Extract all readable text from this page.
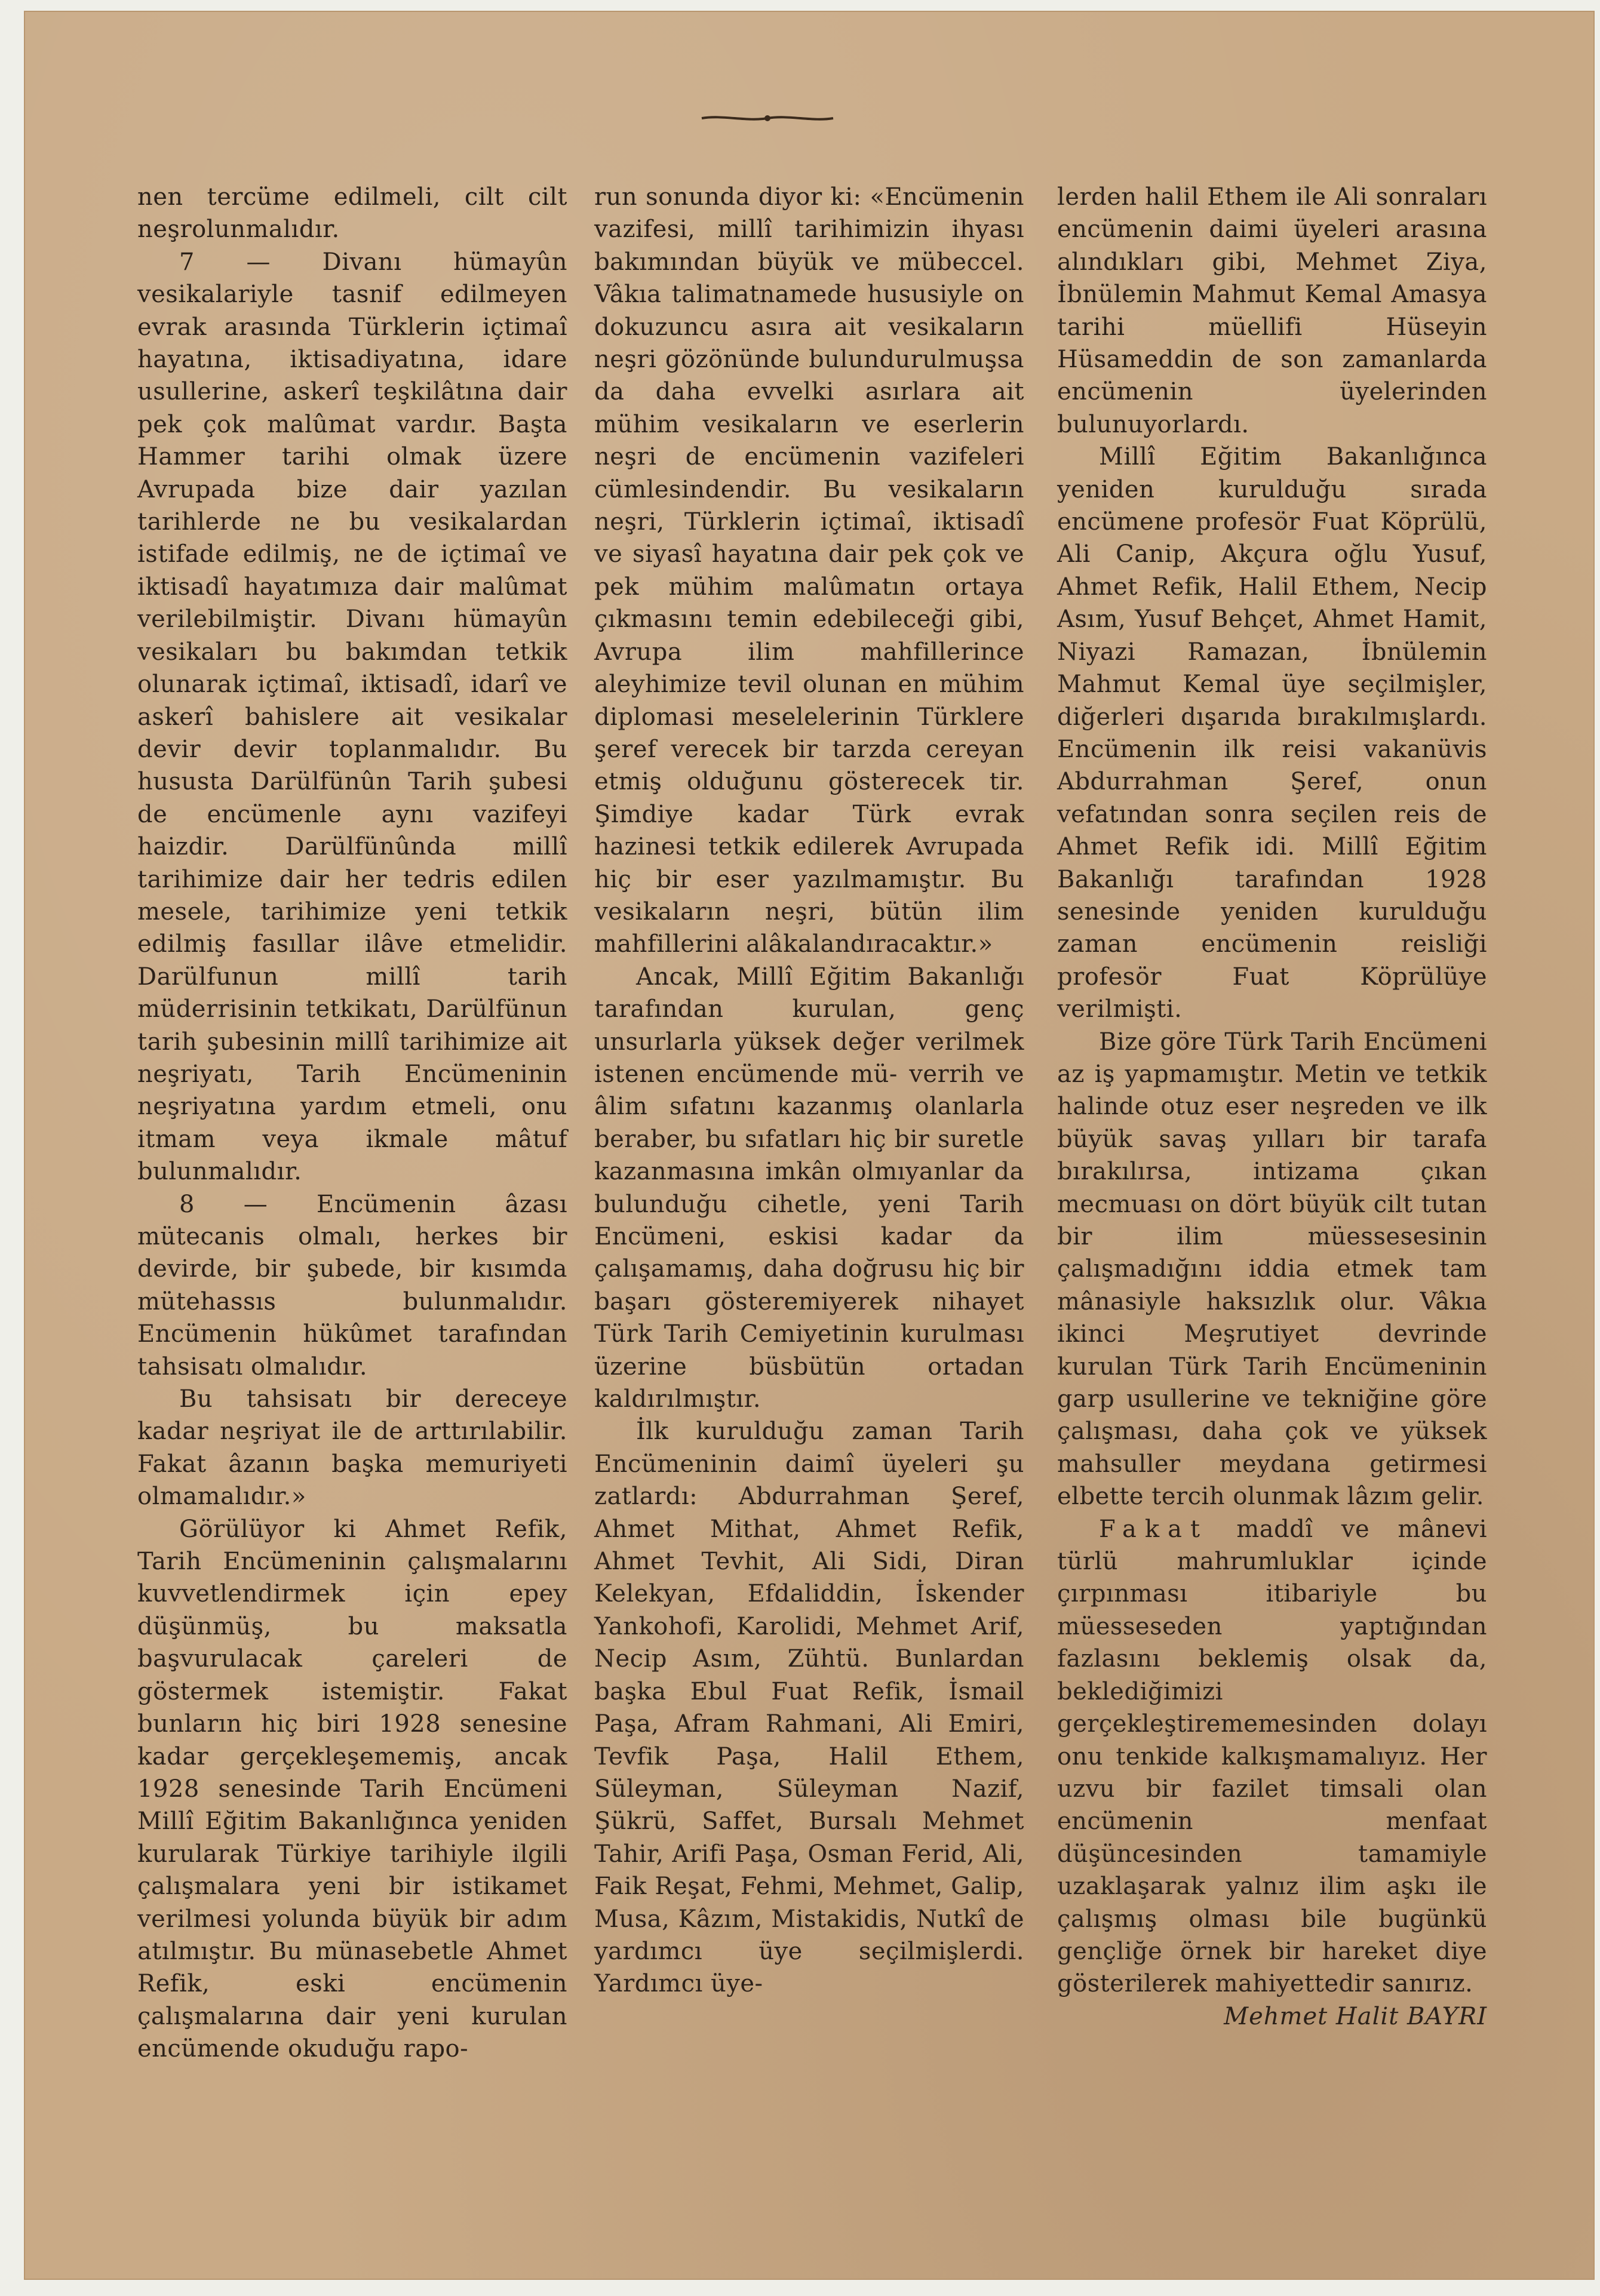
nen tercüme edilmeli, cilt cilt neşrolunmalıdır.

7 — Divanı hümayûn vesikalariyle tasnif edilmeyen evrak arasında Türklerin içtimaî hayatına, iktisadiyatına, idare usullerine, askerî teşkilâtına dair pek çok malûmat vardır. Başta Hammer tarihi olmak üzere Avrupada bize dair yazılan tarihlerde ne bu vesikalardan istifade edilmiş, ne de içtimaî ve iktisadî hayatımıza dair malûmat verilebilmiştir. Divanı hümayûn vesikaları bu bakımdan tetkik olunarak içtimaî, iktisadî, idarî ve askerî bahislere ait vesikalar devir devir toplanmalıdır. Bu hususta Darülfünûn Tarih şubesi de encümenle aynı vazifeyi haizdir. Darülfünûnda millî tarihimize dair her tedris edilen mesele, tarihimize yeni tetkik edilmiş fasıllar ilâve etmelidir. Darülfunun millî tarih müderrisinin tetkikatı, Darülfünun tarih şubesinin millî tarihimize ait neşriyatı, Tarih Encümeninin neşriyatına yardım etmeli, onu itmam veya ikmale mâtuf bulunmalıdır.

8 — Encümenin âzası mütecanis olmalı, herkes bir devirde, bir şubede, bir kısımda mütehassıs bulunmalıdır. Encümenin hükûmet tarafından tahsisatı olmalıdır.

Bu tahsisatı bir dereceye kadar neşriyat ile de arttırılabilir. Fakat âzanın başka memuriyeti olmamalıdır.»

Görülüyor ki Ahmet Refik, Tarih Encümeninin çalışmalarını kuvvetlendirmek için epey düşünmüş, bu maksatla başvurulacak çareleri de göstermek istemiştir. Fakat bunların hiç biri 1928 senesine kadar gerçekleşememiş, ancak 1928 senesinde Tarih Encümeni Millî Eğitim Bakanlığınca yeniden kurularak Türkiye tarihiyle ilgili çalışmalara yeni bir istikamet verilmesi yolunda büyük bir adım atılmıştır. Bu münasebetle Ahmet Refik, eski encümenin çalışmalarına dair yeni kurulan encümende okuduğu rapo-

run sonunda diyor ki: «Encümenin vazifesi, millî tarihimizin ihyası bakımından büyük ve mübeccel. Vâkıa talimatnamede hususiyle on dokuzuncu asıra ait vesikaların neşri gözönünde bulundurulmuşsa da daha evvelki asırlara ait mühim vesikaların ve eserlerin neşri de encümenin vazifeleri cümlesindendir. Bu vesikaların neşri, Türklerin içtimaî, iktisadî ve siyasî hayatına dair pek çok ve pek mühim malûmatın ortaya çıkmasını temin edebileceği gibi, Avrupa ilim mahfillerince aleyhimize tevil olunan en mühim diplomasi meselelerinin Türklere şeref verecek bir tarzda cereyan etmiş olduğunu gösterecek tir. Şimdiye kadar Türk evrak hazinesi tetkik edilerek Avrupada hiç bir eser yazılmamıştır. Bu vesikaların neşri, bütün ilim mahfillerini alâkalandıracaktır.»

Ancak, Millî Eğitim Bakanlığı tarafından kurulan, genç unsurlarla yüksek değer verilmek istenen encümende mü- verrih ve âlim sıfatını kazanmış olanlarla beraber, bu sıfatları hiç bir suretle kazanmasına imkân olmıyanlar da bulunduğu cihetle, yeni Tarih Encümeni, eskisi kadar da çalışamamış, daha doğrusu hiç bir başarı gösteremiyerek nihayet Türk Tarih Cemiyetinin kurulması üzerine büsbütün ortadan kaldırılmıştır.

İlk kurulduğu zaman Tarih Encümeninin daimî üyeleri şu zatlardı: Abdurrahman Şeref, Ahmet Mithat, Ahmet Refik, Ahmet Tevhit, Ali Sidi, Diran Kelekyan, Efdaliddin, İskender Yankohofi, Karolidi, Mehmet Arif, Necip Asım, Zühtü. Bunlardan başka Ebul Fuat Refik, İsmail Paşa, Afram Rahmani, Ali Emiri, Tevfik Paşa, Halil Ethem, Süleyman, Süleyman Nazif, Şükrü, Saffet, Bursalı Mehmet Tahir, Arifi Paşa, Osman Ferid, Ali, Faik Reşat, Fehmi, Mehmet, Galip, Musa, Kâzım, Mistakidis, Nutkî de yardımcı üye seçilmişlerdi. Yardımcı üye-

lerden halil Ethem ile Ali sonraları encümenin daimi üyeleri arasına alındıkları gibi, Mehmet Ziya, İbnülemin Mahmut Kemal Amasya tarihi müellifi Hüseyin Hüsameddin de son zamanlarda encümenin üyelerinden bulunuyorlardı.

Millî Eğitim Bakanlığınca yeniden kurulduğu sırada encümene profesör Fuat Köprülü, Ali Canip, Akçura oğlu Yusuf, Ahmet Refik, Halil Ethem, Necip Asım, Yusuf Behçet, Ahmet Hamit, Niyazi Ramazan, İbnülemin Mahmut Kemal üye seçilmişler, diğerleri dışarıda bırakılmışlardı. Encümenin ilk reisi vakanüvis Abdurrahman Şeref, onun vefatından sonra seçilen reis de Ahmet Refik idi. Millî Eğitim Bakanlığı tarafından 1928 senesinde yeniden kurulduğu zaman encümenin reisliği profesör Fuat Köprülüye verilmişti.

Bize göre Türk Tarih Encümeni az iş yapmamıştır. Metin ve tetkik halinde otuz eser neşreden ve ilk büyük savaş yılları bir tarafa bırakılırsa, intizama çıkan mecmuası on dört büyük cilt tutan bir ilim müessesesinin çalışmadığını iddia etmek tam mânasiyle haksızlık olur. Vâkıa ikinci Meşrutiyet devrinde kurulan Türk Tarih Encümeninin garp usullerine ve tekniğine göre çalışması, daha çok ve yüksek mahsuller meydana getirmesi elbette tercih olunmak lâzım gelir.

Fakat maddî ve mânevi türlü mahrumluklar içinde çırpınması itibariyle bu müesseseden yaptığından fazlasını beklemiş olsak da, beklediğimizi gerçekleştirememesinden dolayı onu tenkide kalkışmamalıyız. Her uzvu bir fazilet timsali olan encümenin menfaat düşüncesinden tamamiyle uzaklaşarak yalnız ilim aşkı ile çalışmış olması bile bugünkü gençliğe örnek bir hareket diye gösterilerek mahiyettedir sanırız.

Mehmet Halit BAYRI
